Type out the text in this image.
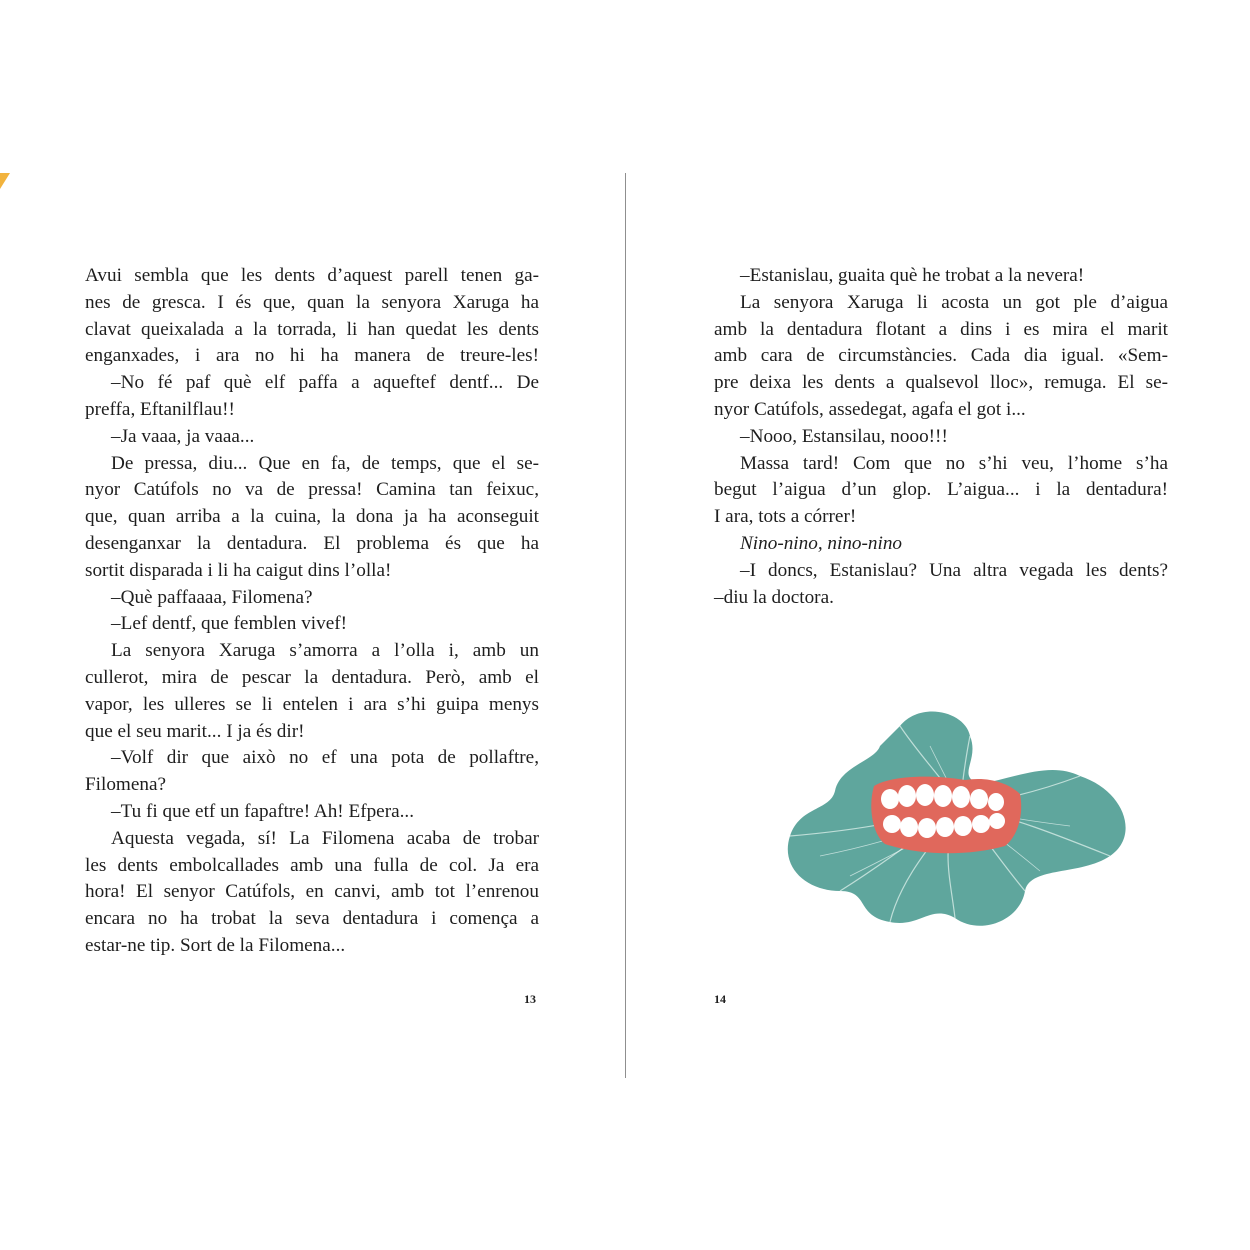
Avui sembla que les dents d’aquest parell tenen ga-
nes de gresca. I és que, quan la senyora Xaruga ha
clavat queixalada a la torrada, li han quedat les dents
enganxades, i ara no hi ha manera de treure-les!
–No fé paf què elf paffa a aqueftef dentf... De
preffa, Eftanilflau!!
–Ja vaaa, ja vaaa...
De pressa, diu... Que en fa, de temps, que el se-
nyor Catúfols no va de pressa! Camina tan feixuc,
que, quan arriba a la cuina, la dona ja ha aconseguit
desenganxar la dentadura. El problema és que ha
sortit disparada i li ha caigut dins l’olla!
–Què paffaaaa, Filomena?
–Lef dentf, que femblen vivef!
La senyora Xaruga s’amorra a l’olla i, amb un
cullerot, mira de pescar la dentadura. Però, amb el
vapor, les ulleres se li entelen i ara s’hi guipa menys
que el seu marit... I ja és dir!
–Volf dir que això no ef una pota de pollaftre,
Filomena?
–Tu fi que etf un fapaftre! Ah! Efpera...
Aquesta vegada, sí! La Filomena acaba de trobar
les dents embolcallades amb una fulla de col. Ja era
hora! El senyor Catúfols, en canvi, amb tot l’enrenou
encara no ha trobat la seva dentadura i comença a
estar-ne tip. Sort de la Filomena...
–Estanislau, guaita què he trobat a la nevera!
La senyora Xaruga li acosta un got ple d’aigua
amb la dentadura flotant a dins i es mira el marit
amb cara de circumstàncies. Cada dia igual. «Sem-
pre deixa les dents a qualsevol lloc», remuga. El se-
nyor Catúfols, assedegat, agafa el got i...
–Nooo, Estansilau, nooo!!!
Massa tard! Com que no s’hi veu, l’home s’ha
begut l’aigua d’un glop. L’aigua... i la dentadura!
I ara, tots a córrer!
Nino-nino, nino-nino
–I doncs, Estanislau? Una altra vegada les dents?
–diu la doctora.
13	14
